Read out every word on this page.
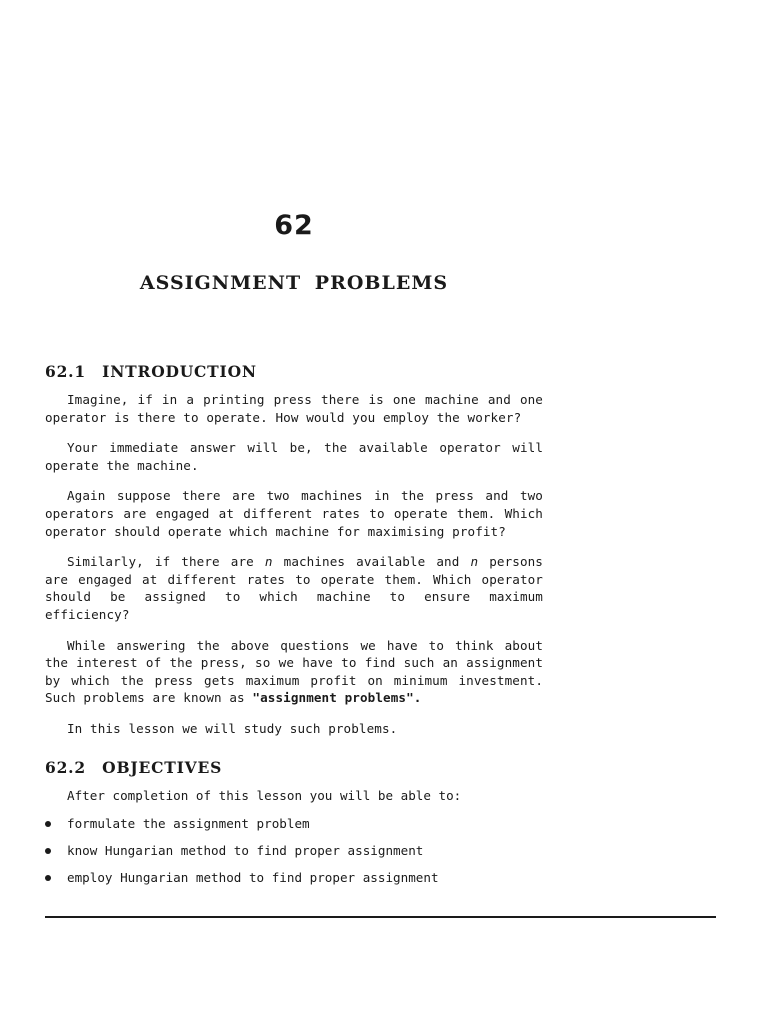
62
ASSIGNMENT PROBLEMS
62.1 INTRODUCTION

Imagine, if in a printing press there is one machine and one operator is there to operate. How would you employ the worker?

Your immediate answer will be, the available operator will operate the machine.

Again suppose there are two machines in the press and two operators are engaged at different rates to operate them. Which operator should operate which machine for maximising profit?

Similarly, if there are n machines available and n persons are engaged at different rates to operate them. Which operator should be assigned to which machine to ensure maximum efficiency?

While answering the above questions we have to think about the interest of the press, so we have to find such an assignment by which the press gets maximum profit on minimum investment. Such problems are known as "assignment problems".

In this lesson we will study such problems.

62.2 OBJECTIVES

After completion of this lesson you will be able to:

formulate the assignment problem
know Hungarian method to find proper assignment
employ Hungarian method to find proper assignment
